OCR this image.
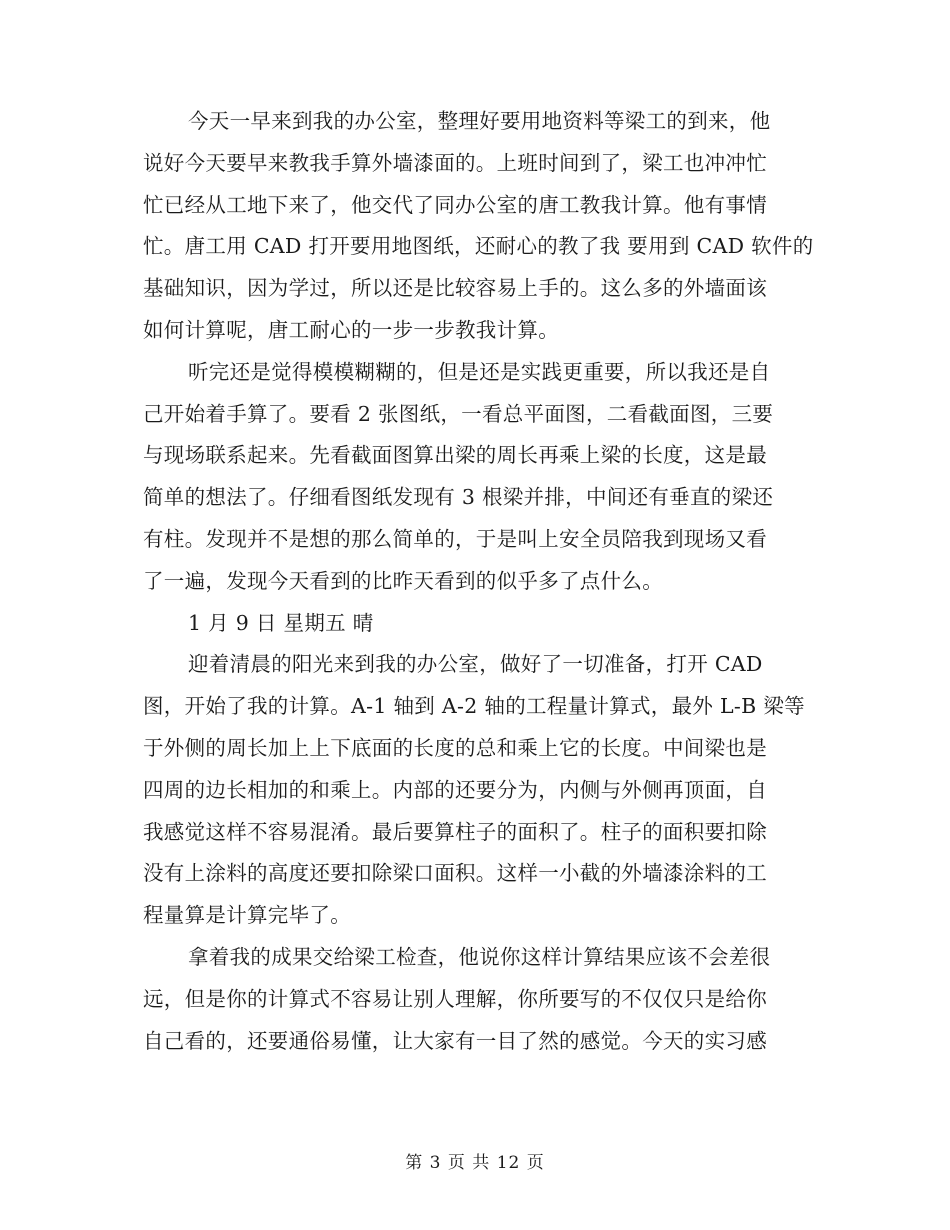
今天一早来到我的办公室，整理好要用地资料等梁工的到来，他
说好今天要早来教我手算外墙漆面的。上班时间到了，梁工也冲冲忙
忙已经从工地下来了，他交代了同办公室的唐工教我计算。他有事情
忙。唐工用 CAD 打开要用地图纸，还耐心的教了我 要用到 CAD 软件的
基础知识，因为学过，所以还是比较容易上手的。这么多的外墙面该
如何计算呢，唐工耐心的一步一步教我计算。
听完还是觉得模模糊糊的，但是还是实践更重要，所以我还是自
己开始着手算了。要看 2 张图纸，一看总平面图，二看截面图，三要
与现场联系起来。先看截面图算出梁的周长再乘上梁的长度，这是最
简单的想法了。仔细看图纸发现有 3 根梁并排，中间还有垂直的梁还
有柱。发现并不是想的那么简单的，于是叫上安全员陪我到现场又看
了一遍，发现今天看到的比昨天看到的似乎多了点什么。
1 月 9 日 星期五 晴
迎着清晨的阳光来到我的办公室，做好了一切准备，打开 CAD
图，开始了我的计算。A-1 轴到 A-2 轴的工程量计算式，最外 L-B 梁等
于外侧的周长加上上下底面的长度的总和乘上它的长度。中间梁也是
四周的边长相加的和乘上。内部的还要分为，内侧与外侧再顶面，自
我感觉这样不容易混淆。最后要算柱子的面积了。柱子的面积要扣除
没有上涂料的高度还要扣除梁口面积。这样一小截的外墙漆涂料的工
程量算是计算完毕了。
拿着我的成果交给梁工检查，他说你这样计算结果应该不会差很
远，但是你的计算式不容易让别人理解，你所要写的不仅仅只是给你
自己看的，还要通俗易懂，让大家有一目了然的感觉。今天的实习感
第 3 页 共 12 页
